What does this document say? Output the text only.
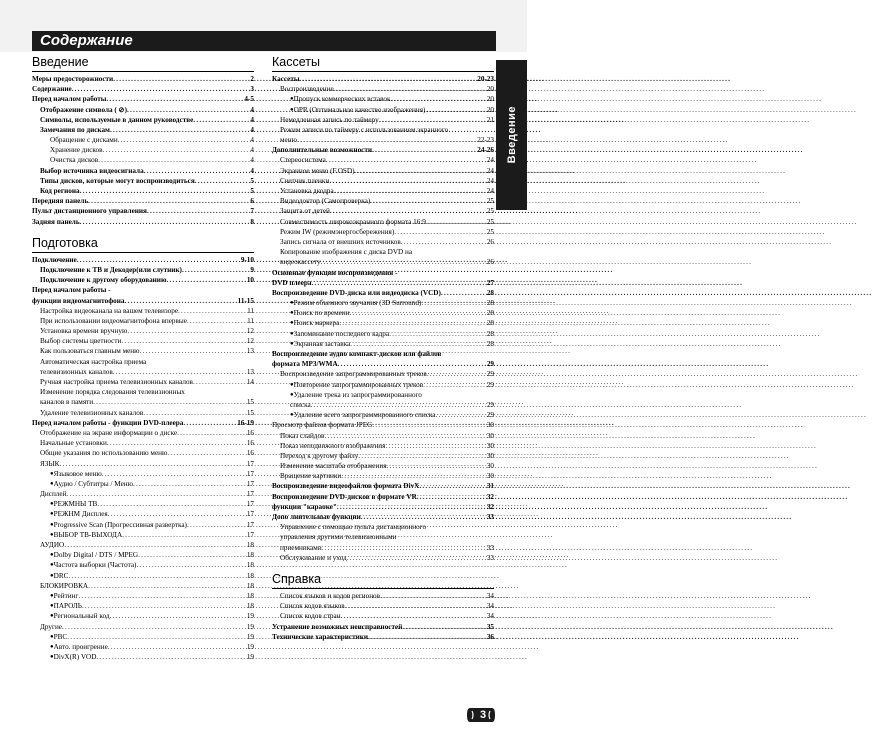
Содержание
Введение
Меры предосторожности .....	2
Содержание .....	3
Перед началом работы .....	4-5
Отображение символа ( ⊘) .....	4
Символы, используемые в данном руководстве .....	4
Замечания по дискам .....	4
Обращение с дисками .....	4
Хранение дисков .....	4
Очистка дисков .....	4
Выбор источника видеосигнала .....	4
Типы дисков, которые могут воспроизводиться .....	5
Код региона .....	5
Передняя панель .....	6
Пульт дистанционного управления .....	7
Задняя панель .....	8
Подготовка
Подключение .....	9-10
Подключение к ТВ и Декодер(или слутник) .....	9
Подключение к другому оборудованию .....	10
Перед началом работы -
функции видеомагнитофона .....	11-15
Настройка видеоканала на вашем телевизоре .....	11
При использовании видеомагнитофона впервые .....	11
Установка времени вручную .....	12
Выбор системы цветности .....	12
Как пользоваться главным меню .....	13
Автоматическая настройка приема
телевизионных каналов .....	13
Ручная настройка приема телевизионных каналов .....	14
Изменение порядка следования телевизионных
каналов в памяти .....	15
Удаление телевизионных каналов .....	15
Перед началом работы - функции DVD-плеера .....	16-19
Отображение на экране информации о диске .....	16
Начальные установки .....	16
Общие указания по использованию меню .....	16
ЯЗЫК .....	17
● Языковое меню .....	17
● Аудио / Субтитры / Меню .....	17
Дисплей .....	17
● РЕЖМНЫ ТВ .....	17
● РЕЖНМ Дисплея .....	17
● Progressive Scan (Прогрессивная развертка) .....	17
● ВЫБОР ТВ-ВЫХОДА .....	17
АУДИО .....	18
● Dolby Digital / DTS / MPEG .....	18
● Частота выборки (Частота) .....	18
● DRC .....	18
БЛОКИРОВКА .....	18
● Рейтинг .....	18
● ПАРОЛЬ .....	18
● Региональный код .....	19
Другие .....	19
● PBC .....	19
● Авто. проигрение .....	19
● DivX(R) VOD .....	19
Кассеты
Кассеты .....	20-23
Воспроизведение .....	20
● Пропуск коммерческих вставок .....	20
● OPR (Оптимальное качество изображения) .....	20
Немедленная запись по таймеру .....	21
Режим записи по таймеру с использованием экранного
меню .....	22-23
Дополнительные возможности .....	24-26
Стереосистема .....	24
Экранное меню (F.OSD) .....	24
Счетчик пленки .....	24
Установка дкодра .....	24
Видеодоктор (Самопроверка) .....	25
Защита от детей .....	25
Совместимость широкоэкранного формата 16:9 .....	25
Режим IW (режимэнергосбережения) .....	25
Запись сигнала от внешних источников .....	26
Копирование изображения с диска DVD на
видеокассету .....	26
Основные функции воспроизведения -
DVD плеера .....	27
Воспроизведение DVD-диска или видеодиска (VCD) .....	28
● Режим объемного звучания (3D Surround) .....	28
● Поиск по времени .....	28
● Поиск маркера .....	28
● Запоминание последнего кадра .....	28
● Экранная заставка .....	28
Воспроизведение аудио компакт-дисков или файлов
формата MP3/WMA .....	29
Воспроизведение запрограммированных треков .....	29
● Повторение запрограммированных треков .....	29
● Удаление трека из запрограммированного
списка .....	29
● Удаление всего запрограммированного списка .....	29
Просмотр файлов формата JPEG .....	30
Показ слайдов .....	30
Показ неподвижного изображения .....	30
Переход к другому файлу .....	30
Изменение масштаба отображения .....	30
Вращение картинки .....	30
Воспроизведение видеофайлов формата DivX .....	31
Воспроизведение DVD-дисков в формате VR .....	32
функции "караоке" .....	32
Допо лнительные функции .....	33
Управление с помощью пульта дистанционного
управления другими телевизионными
приемниками .....	33
Обслуживание и уход .....	33
Справка
Список языков и кодов регионов .....	34
Список кодов языков .....	34
Список кодов стран .....	34
Устранение возможных неисправностей .....	35
Технические характеристики .....	36
Введение
3
